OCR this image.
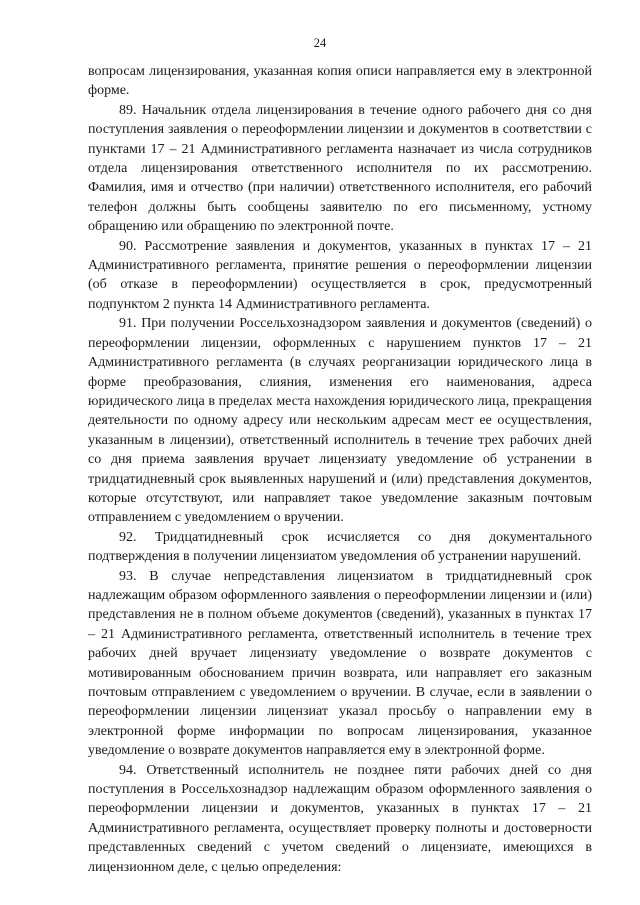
24

вопросам лицензирования, указанная копия описи направляется ему в электронной форме.

89. Начальник отдела лицензирования в течение одного рабочего дня со дня поступления заявления о переоформлении лицензии и документов в соответствии с пунктами 17 – 21 Административного регламента назначает из числа сотрудников отдела лицензирования ответственного исполнителя по их рассмотрению. Фамилия, имя и отчество (при наличии) ответственного исполнителя, его рабочий телефон должны быть сообщены заявителю по его письменному, устному обращению или обращению по электронной почте.

90. Рассмотрение заявления и документов, указанных в пунктах 17 – 21 Административного регламента, принятие решения о переоформлении лицензии (об отказе в переоформлении) осуществляется в срок, предусмотренный подпунктом 2 пункта 14 Административного регламента.

91. При получении Россельхознадзором заявления и документов (сведений) о переоформлении лицензии, оформленных с нарушением пунктов 17 – 21 Административного регламента (в случаях реорганизации юридического лица в форме преобразования, слияния, изменения его наименования, адреса юридического лица в пределах места нахождения юридического лица, прекращения деятельности по одному адресу или нескольким адресам мест ее осуществления, указанным в лицензии), ответственный исполнитель в течение трех рабочих дней со дня приема заявления вручает лицензиату уведомление об устранении в тридцатидневный срок выявленных нарушений и (или) представления документов, которые отсутствуют, или направляет такое уведомление заказным почтовым отправлением с уведомлением о вручении.

92. Тридцатидневный срок исчисляется со дня документального подтверждения в получении лицензиатом уведомления об устранении нарушений.

93. В случае непредставления лицензиатом в тридцатидневный срок надлежащим образом оформленного заявления о переоформлении лицензии и (или) представления не в полном объеме документов (сведений), указанных в пунктах 17 – 21 Административного регламента, ответственный исполнитель в течение трех рабочих дней вручает лицензиату уведомление о возврате документов с мотивированным обоснованием причин возврата, или направляет его заказным почтовым отправлением с уведомлением о вручении. В случае, если в заявлении о переоформлении лицензии лицензиат указал просьбу о направлении ему в электронной форме информации по вопросам лицензирования, указанное уведомление о возврате документов направляется ему в электронной форме.

94. Ответственный исполнитель не позднее пяти рабочих дней со дня поступления в Россельхознадзор надлежащим образом оформленного заявления о переоформлении лицензии и документов, указанных в пунктах 17 – 21 Административного регламента, осуществляет проверку полноты и достоверности представленных сведений с учетом сведений о лицензиате, имеющихся в лицензионном деле, с целью определения:
